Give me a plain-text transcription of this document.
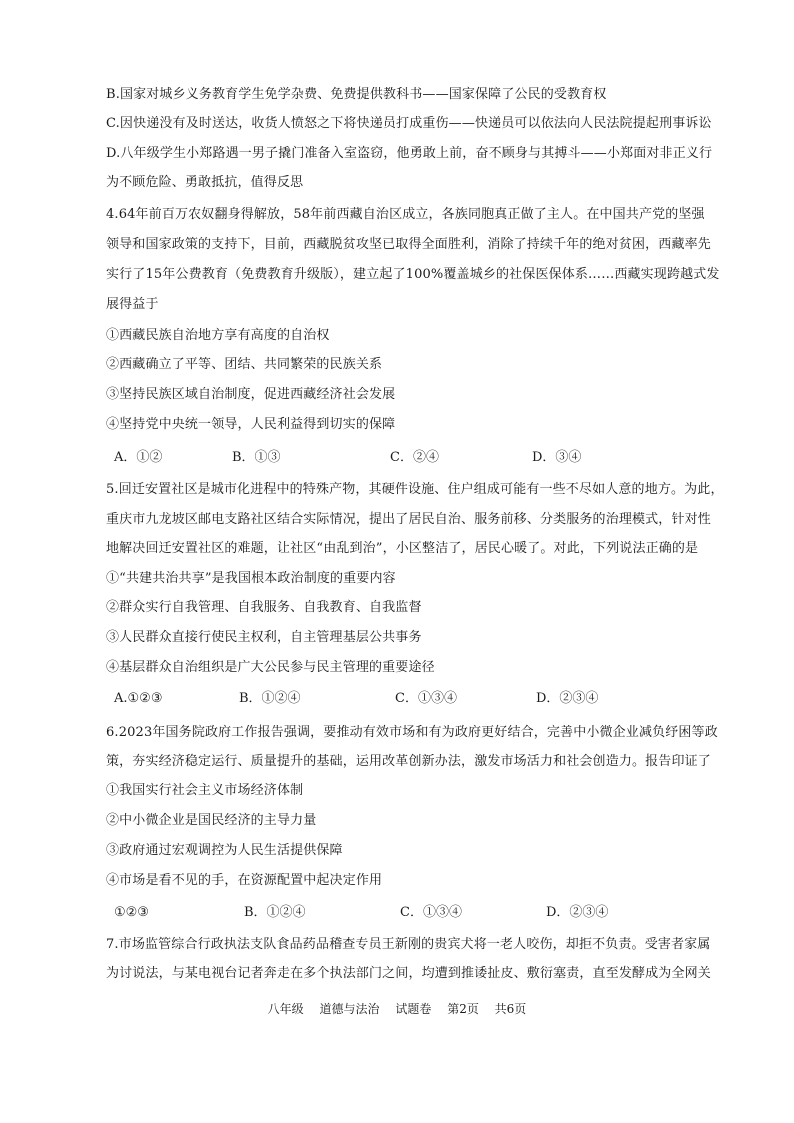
B.国家对城乡义务教育学生免学杂费、免费提供教科书——国家保障了公民的受教育权
C.因快递没有及时送达，收货人愤怒之下将快递员打成重伤——快递员可以依法向人民法院提起刑事诉讼
D.八年级学生小郑路遇一男子撬门准备入室盗窃，他勇敢上前，奋不顾身与其搏斗——小郑面对非正义行
为不顾危险、勇敢抵抗，值得反思
4.64年前百万农奴翻身得解放，58年前西藏自治区成立，各族同胞真正做了主人。在中国共产党的坚强
领导和国家政策的支持下，目前，西藏脱贫攻坚已取得全面胜利，消除了持续千年的绝对贫困，西藏率先
实行了15年公费教育（免费教育升级版），建立起了100%覆盖城乡的社保医保体系……西藏实现跨越式发
展得益于
①西藏民族自治地方享有高度的自治权
②西藏确立了平等、团结、共同繁荣的民族关系
③坚持民族区域自治制度，促进西藏经济社会发展
④坚持党中央统一领导，人民利益得到切实的保障
A．①②	B．①③	C．②④	D．③④
5.回迁安置社区是城市化进程中的特殊产物，其硬件设施、住户组成可能有一些不尽如人意的地方。为此，
重庆市九龙坡区邮电支路社区结合实际情况，提出了居民自治、服务前移、分类服务的治理模式，针对性
地解决回迁安置社区的难题，让社区“由乱到治”，小区整洁了，居民心暖了。对此，下列说法正确的是
①“共建共治共享”是我国根本政治制度的重要内容
②群众实行自我管理、自我服务、自我教育、自我监督
③人民群众直接行使民主权利，自主管理基层公共事务
④基层群众自治组织是广大公民参与民主管理的重要途径
A.①②③	B．①②④	C．①③④	D．②③④
6.2023年国务院政府工作报告强调，要推动有效市场和有为政府更好结合，完善中小微企业减负纾困等政
策，夯实经济稳定运行、质量提升的基础，运用改革创新办法，激发市场活力和社会创造力。报告印证了
①我国实行社会主义市场经济体制
②中小微企业是国民经济的主导力量
③政府通过宏观调控为人民生活提供保障
④市场是看不见的手，在资源配置中起决定作用
①②③	B．①②④	C．①③④	D．②③④
7.市场监管综合行政执法支队食品药品稽查专员王新刚的贵宾犬将一老人咬伤，却拒不负责。受害者家属
为讨说法，与某电视台记者奔走在多个执法部门之间，均遭到推诿扯皮、敷衍塞责，直至发酵成为全网关
八年级 道德与法治 试题卷 第2页 共6页
